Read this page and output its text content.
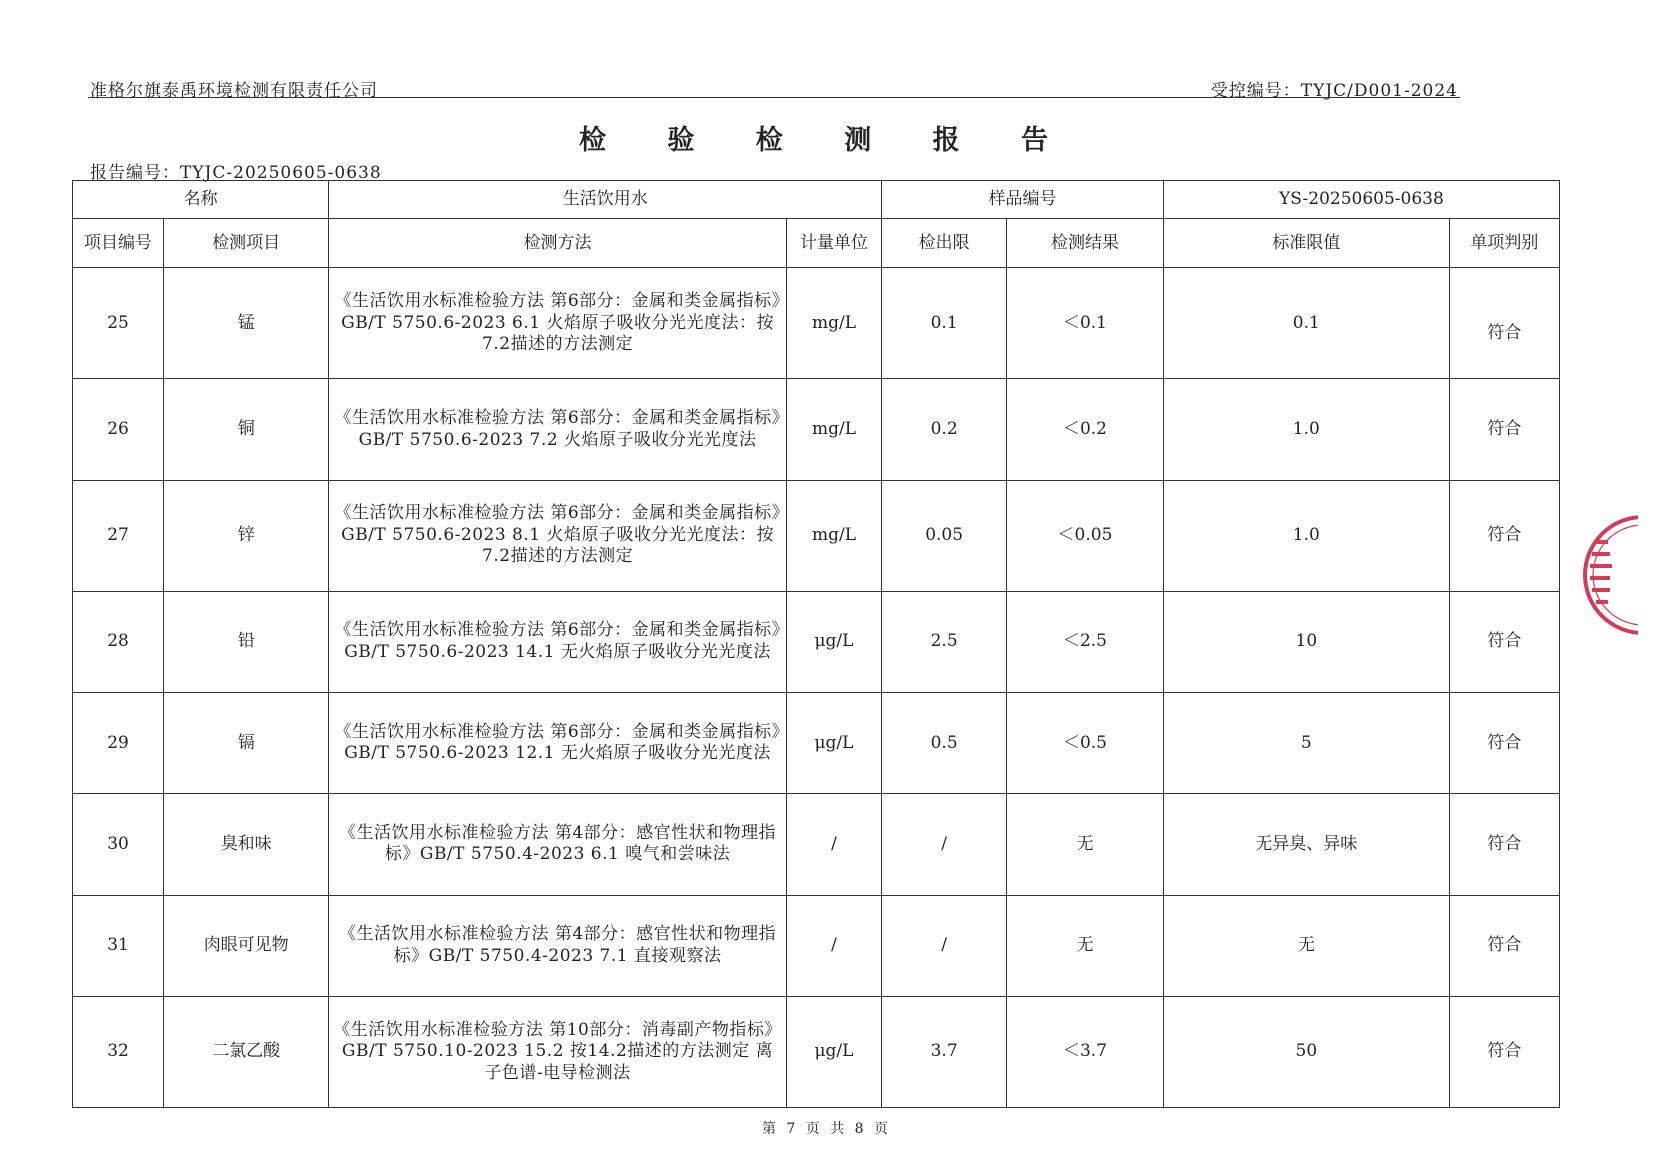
准格尔旗泰禹环境检测有限责任公司	受控编号：TYJC/D001-2024
检 验 检 测 报 告
报告编号：TYJC-20250605-0638
名称		生活饮用水		样品编号		YS-20250605-0638	
项目编号	检测项目	检测方法	计量单位	检出限	检测结果	标准限值	单项判别
25	锰	《生活饮用水标准检验方法 第6部分：金属和类金属指标》GB/T 5750.6-2023 6.1 火焰原子吸收分光光度法：按7.2描述的方法测定	mg/L	0.1	＜0.1	0.1	符合
26	铜	《生活饮用水标准检验方法 第6部分：金属和类金属指标》GB/T 5750.6-2023 7.2 火焰原子吸收分光光度法	mg/L	0.2	＜0.2	1.0	符合
27	锌	《生活饮用水标准检验方法 第6部分：金属和类金属指标》GB/T 5750.6-2023 8.1 火焰原子吸收分光光度法：按7.2描述的方法测定	mg/L	0.05	＜0.05	1.0	符合
28	铅	《生活饮用水标准检验方法 第6部分：金属和类金属指标》GB/T 5750.6-2023 14.1 无火焰原子吸收分光光度法	μg/L	2.5	＜2.5	10	符合
29	镉	《生活饮用水标准检验方法 第6部分：金属和类金属指标》GB/T 5750.6-2023 12.1 无火焰原子吸收分光光度法	μg/L	0.5	＜0.5	5	符合
30	臭和味	《生活饮用水标准检验方法 第4部分：感官性状和物理指标》GB/T 5750.4-2023 6.1 嗅气和尝味法	/	/	无	无异臭、异味	符合
31	肉眼可见物	《生活饮用水标准检验方法 第4部分：感官性状和物理指标》GB/T 5750.4-2023 7.1 直接观察法	/	/	无	无	符合
32	二氯乙酸	《生活饮用水标准检验方法 第10部分：消毒副产物指标》GB/T 5750.10-2023 15.2 按14.2描述的方法测定 离子色谱-电导检测法	μg/L	3.7	＜3.7	50	符合
第 7 页 共 8 页
